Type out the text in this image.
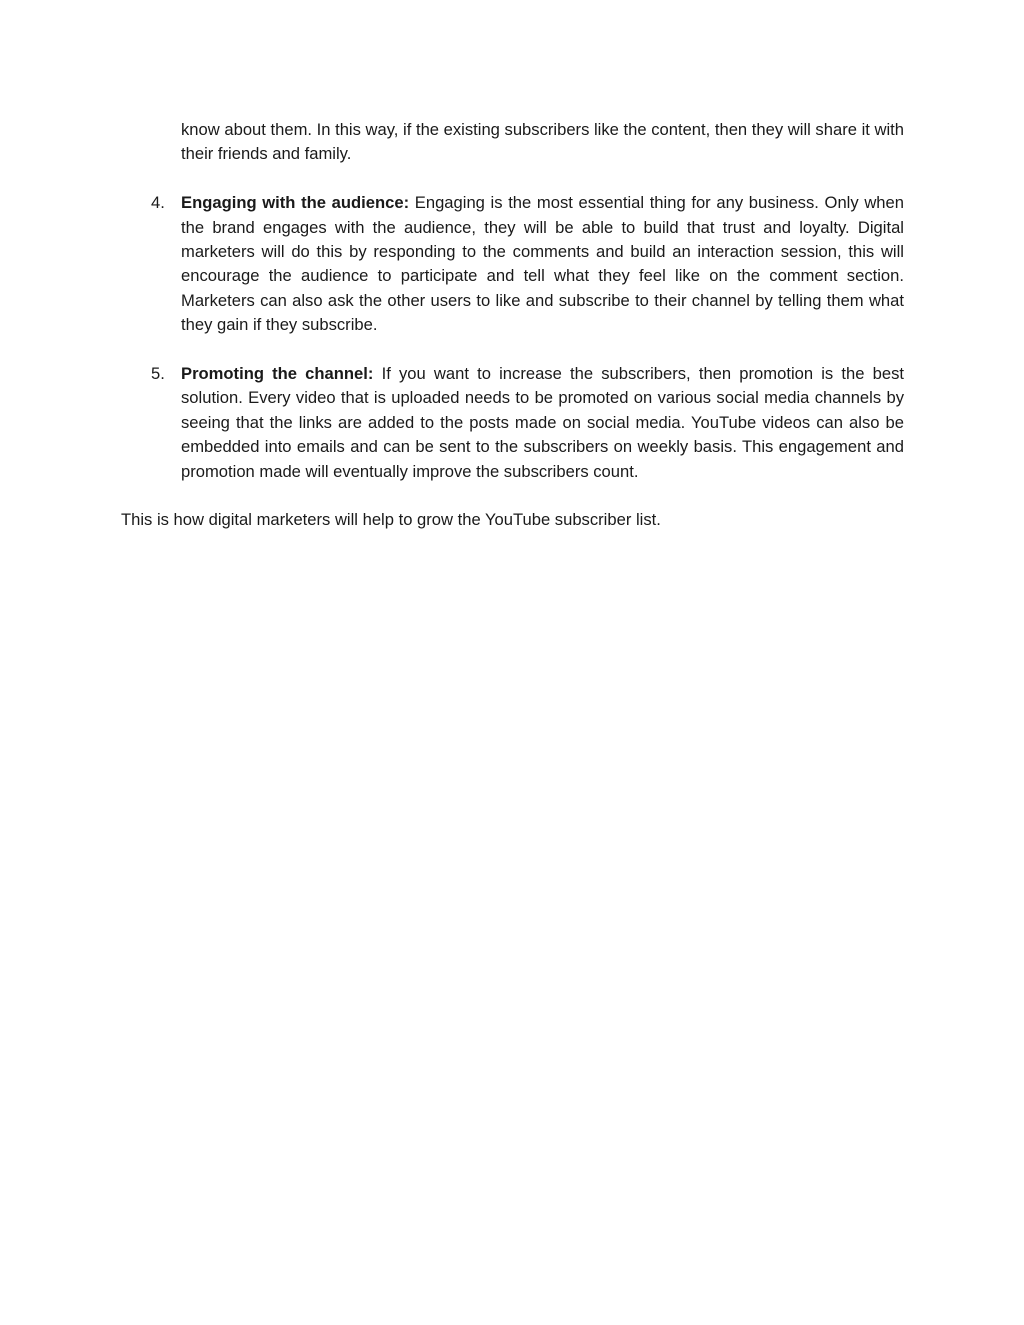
know about them. In this way, if the existing subscribers like the content, then they will share it with their friends and family.

4. Engaging with the audience: Engaging is the most essential thing for any business. Only when the brand engages with the audience, they will be able to build that trust and loyalty. Digital marketers will do this by responding to the comments and build an interaction session, this will encourage the audience to participate and tell what they feel like on the comment section. Marketers can also ask the other users to like and subscribe to their channel by telling them what they gain if they subscribe.
5. Promoting the channel: If you want to increase the subscribers, then promotion is the best solution. Every video that is uploaded needs to be promoted on various social media channels by seeing that the links are added to the posts made on social media. YouTube videos can also be embedded into emails and can be sent to the subscribers on weekly basis. This engagement and promotion made will eventually improve the subscribers count.

This is how digital marketers will help to grow the YouTube subscriber list.
